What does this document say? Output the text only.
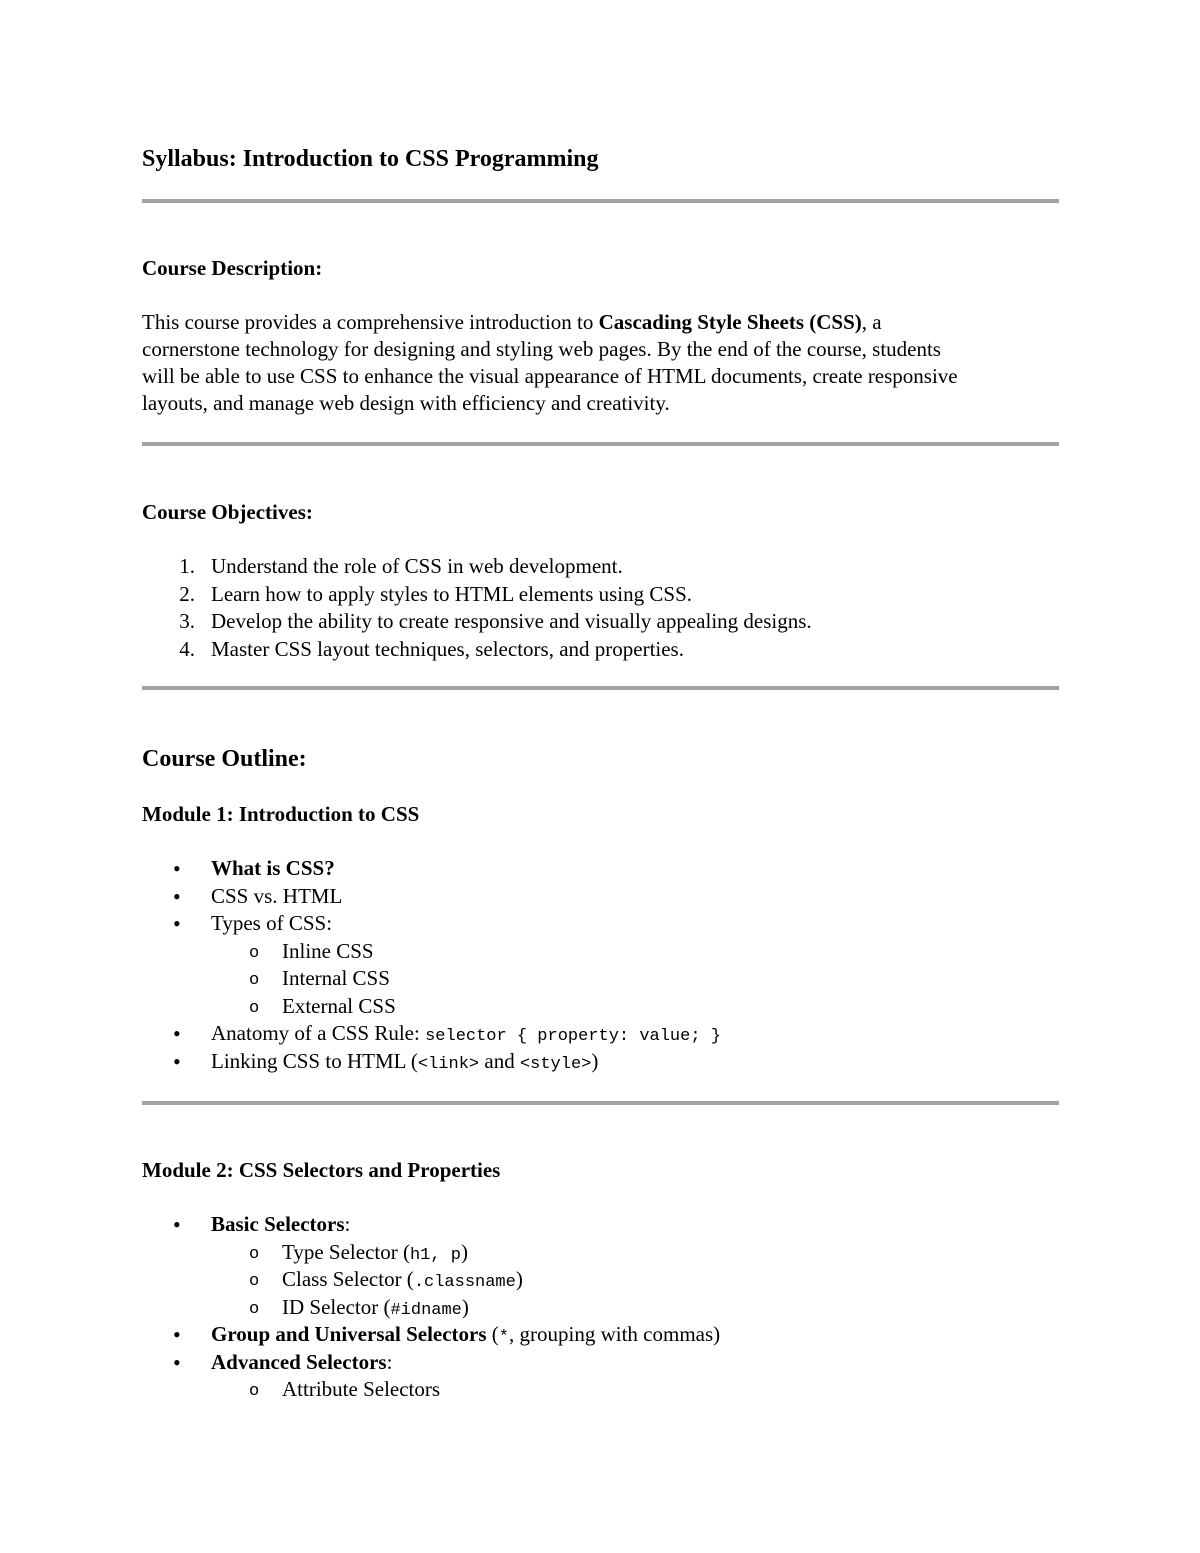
Syllabus: Introduction to CSS Programming
Course Description:
This course provides a comprehensive introduction to Cascading Style Sheets (CSS), a
cornerstone technology for designing and styling web pages. By the end of the course, students
will be able to use CSS to enhance the visual appearance of HTML documents, create responsive
layouts, and manage web design with efficiency and creativity.
Course Objectives:
1. Understand the role of CSS in web development.
2. Learn how to apply styles to HTML elements using CSS.
3. Develop the ability to create responsive and visually appealing designs.
4. Master CSS layout techniques, selectors, and properties.
Course Outline:
Module 1: Introduction to CSS
• What is CSS?
• CSS vs. HTML
• Types of CSS:
o Inline CSS
o Internal CSS
o External CSS
• Anatomy of a CSS Rule: selector { property: value; }
• Linking CSS to HTML (<link> and <style>)
Module 2: CSS Selectors and Properties
• Basic Selectors:
o Type Selector (h1, p)
o Class Selector (.classname)
o ID Selector (#idname)
• Group and Universal Selectors (*, grouping with commas)
• Advanced Selectors:
o Attribute Selectors
